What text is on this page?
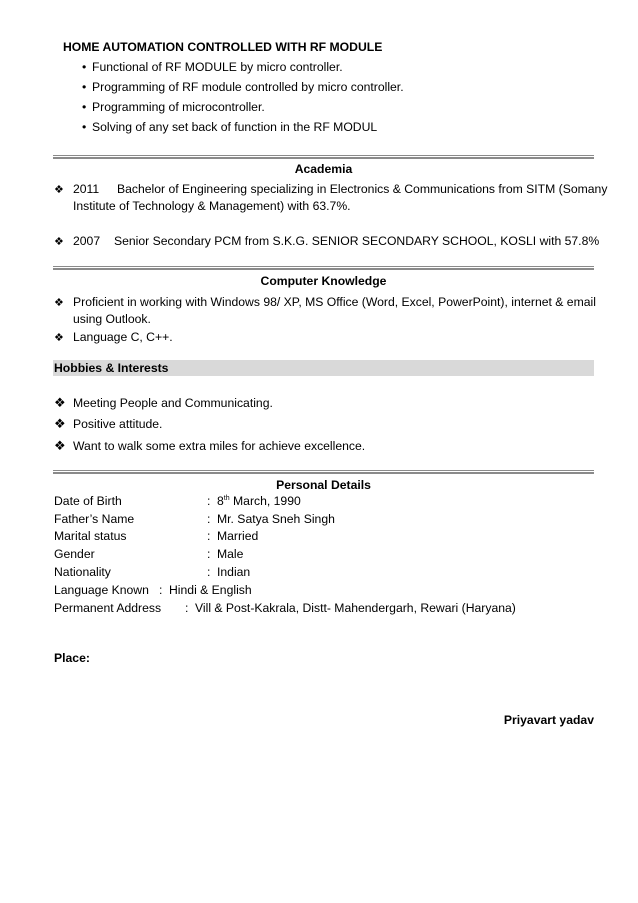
HOME AUTOMATION CONTROLLED WITH RF MODULE
• Functional of RF MODULE by micro controller.
• Programming of RF module controlled by micro controller.
• Programming of microcontroller.
• Solving of any set back of function in the RF MODUL
Academia
❖ 2011 Bachelor of Engineering specializing in Electronics & Communications from SITM (Somany
Institute of Technology & Management) with 63.7%.
❖ 2007 Senior Secondary PCM from S.K.G. SENIOR SECONDARY SCHOOL, KOSLI with 57.8%
Computer Knowledge
❖ Proficient in working with Windows 98/ XP, MS Office (Word, Excel, PowerPoint), internet & email
using Outlook.
❖ Language C, C++.
Hobbies & Interests
❖ Meeting People and Communicating.
❖ Positive attitude.
❖ Want to walk some extra miles for achieve excellence.
Personal Details
Date of Birth	: 8th March, 1990
Father’s Name	: Mr. Satya Sneh Singh
Marital status	: Married
Gender	: Male
Nationality	: Indian
Language Known : Hindi & English
Permanent Address : Vill & Post-Kakrala, Distt- Mahendergarh, Rewari (Haryana)
Place:
Priyavart yadav
